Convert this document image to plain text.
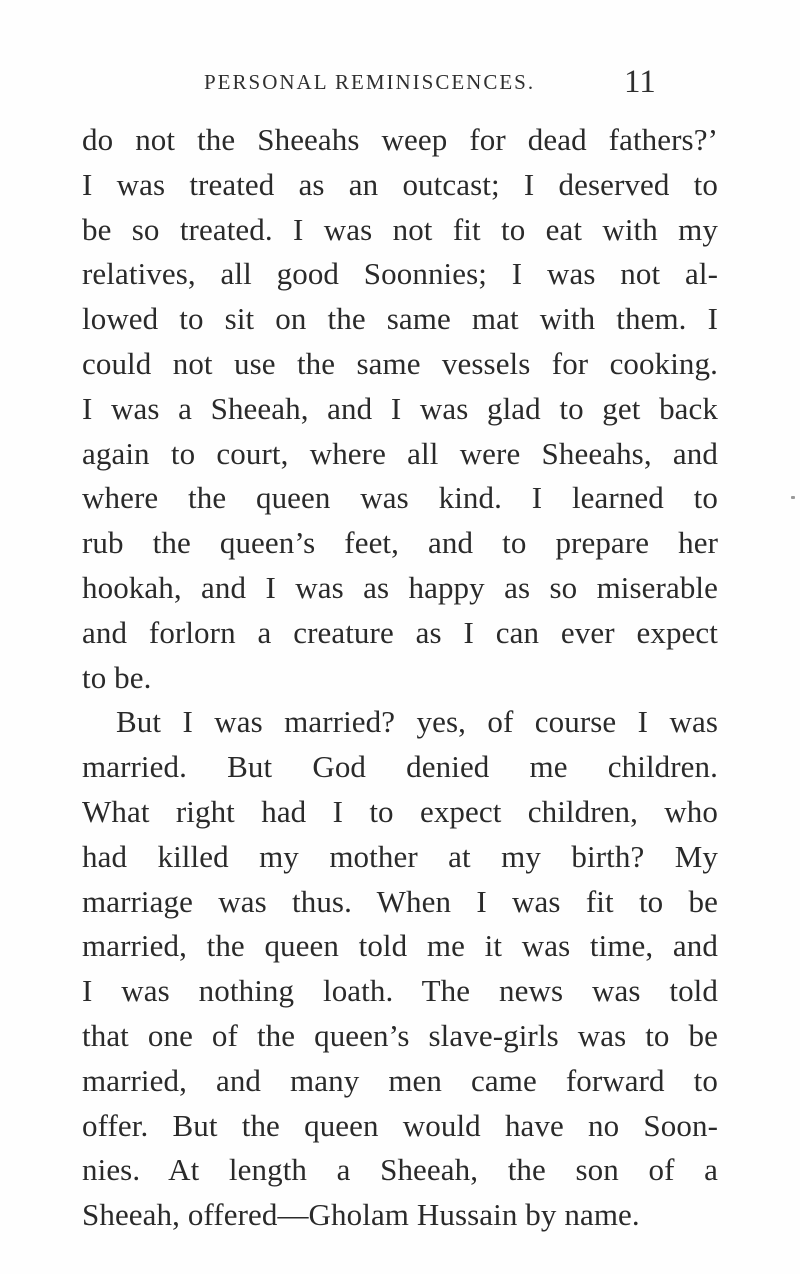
PERSONAL REMINISCENCES.	11
do not the Sheeahs weep for dead fathers?’
I was treated as an outcast; I deserved to
be so treated. I was not fit to eat with my
relatives, all good Soonnies; I was not al-
lowed to sit on the same mat with them. I
could not use the same vessels for cooking.
I was a Sheeah, and I was glad to get back
again to court, where all were Sheeahs, and
where the queen was kind. I learned to
rub the queen’s feet, and to prepare her
hookah, and I was as happy as so miserable
and forlorn a creature as I can ever expect
to be.
But I was married? yes, of course I was
married. But God denied me children.
What right had I to expect children, who
had killed my mother at my birth? My
marriage was thus. When I was fit to be
married, the queen told me it was time, and
I was nothing loath. The news was told
that one of the queen’s slave-girls was to be
married, and many men came forward to
offer. But the queen would have no Soon-
nies. At length a Sheeah, the son of a
Sheeah, offered—Gholam Hussain by name.
